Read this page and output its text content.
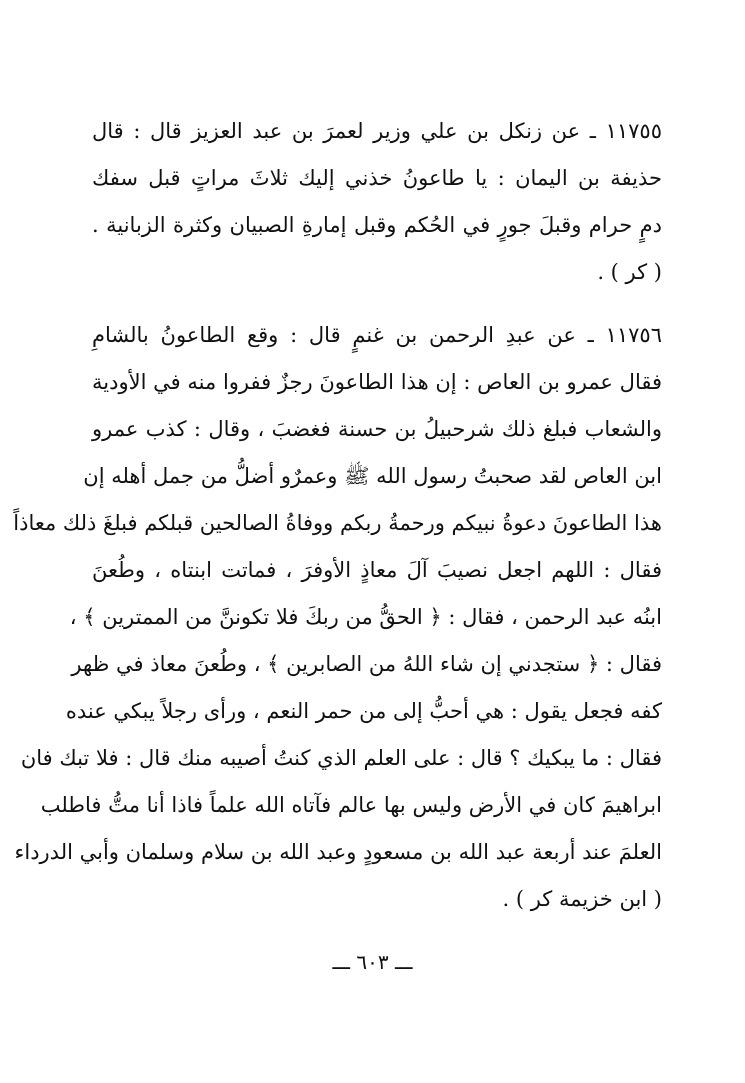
١١٧٥٥ ـ عن زنكل بن علي وزير لعمرَ بن عبد العزيز قال : قال
حذيفة بن اليمان : يا طاعونُ خذني إليك ثلاثَ مراتٍ قبل سفك
دمٍ حرام وقبلَ جورٍ في الحُكم وقبل إمارةِ الصبيان وكثرة الزبانية .
( كر ) .
١١٧٥٦ ـ عن عبدِ الرحمن بن غنمٍ قال : وقع الطاعونُ بالشامِ
فقال عمرو بن العاص : إن هذا الطاعونَ رجزٌ ففروا منه في الأودية
والشعاب فبلغ ذلك شرحبيلُ بن حسنة فغضبَ ، وقال : كذب عمرو
ابن العاص لقد صحبتُ رسول الله ﷺ وعمرٌو أضلُّ من جمل أهله إن
هذا الطاعونَ دعوةُ نبيكم ورحمةُ ربكم ووفاةُ الصالحين قبلكم فبلغَ ذلك معاذاً
فقال : اللهم اجعل نصيبَ آلَ معاذٍ الأوفرَ ، فماتت ابنتاه ، وطُعنَ
ابنُه عبد الرحمن ، فقال : ﴿ الحقُّ من ربكَ فلا تكوننَّ من الممترين ﴾ ،
فقال : ﴿ ستجدني إن شاء اللهُ من الصابرين ﴾ ، وطُعنَ معاذ في ظهر
كفه فجعل يقول : هي أحبُّ إلى من حمر النعم ، ورأى رجلاً يبكي عنده
فقال : ما يبكيك ؟ قال : على العلم الذي كنتُ أصيبه منك قال : فلا تبك فان
ابراهيمَ كان في الأرض وليس بها عالم فآتاه الله علماً فاذا أنا متُّ فاطلب
العلمَ عند أربعة عبد الله بن مسعودٍ وعبد الله بن سلام وسلمان وأبي الدرداء
( ابن خزيمة كر ) .
ـــ ٦٠٣ ـــ
